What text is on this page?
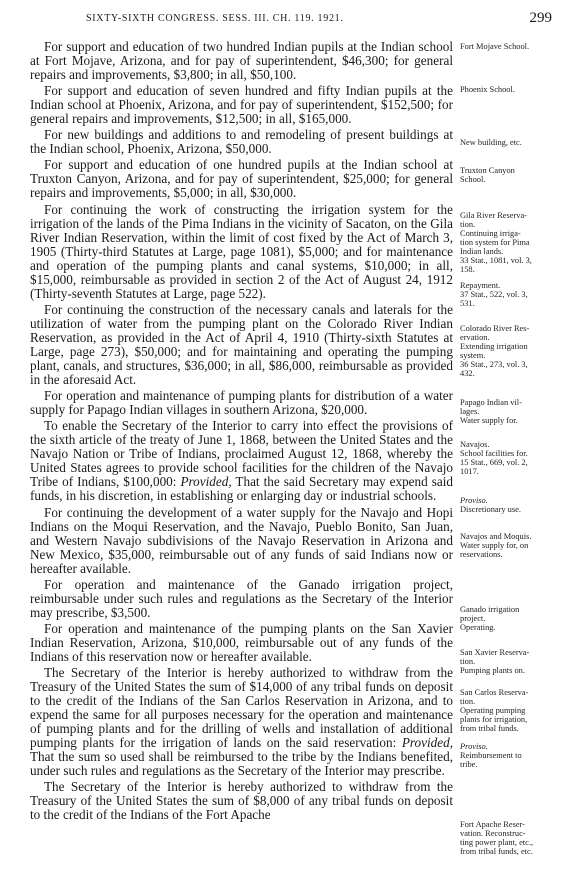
SIXTY-SIXTH CONGRESS. SESS. III. CH. 119. 1921.	299

For support and education of two hundred Indian pupils at the Indian school at Fort Mojave, Arizona, and for pay of superintendent, $46,300; for general repairs and improvements, $3,800; in all, $50,100.

For support and education of seven hundred and fifty Indian pupils at the Indian school at Phoenix, Arizona, and for pay of superintendent, $152,500; for general repairs and improvements, $12,500; in all, $165,000.

For new buildings and additions to and remodeling of present buildings at the Indian school, Phoenix, Arizona, $50,000.

For support and education of one hundred pupils at the Indian school at Truxton Canyon, Arizona, and for pay of superintendent, $25,000; for general repairs and improvements, $5,000; in all, $30,000.

For continuing the work of constructing the irrigation system for the irrigation of the lands of the Pima Indians in the vicinity of Sacaton, on the Gila River Indian Reservation, within the limit of cost fixed by the Act of March 3, 1905 (Thirty-third Statutes at Large, page 1081), $5,000; and for maintenance and operation of the pumping plants and canal systems, $10,000; in all, $15,000, reimbursable as provided in section 2 of the Act of August 24, 1912 (Thirty-seventh Statutes at Large, page 522).

For continuing the construction of the necessary canals and laterals for the utilization of water from the pumping plant on the Colorado River Indian Reservation, as provided in the Act of April 4, 1910 (Thirty-sixth Statutes at Large, page 273), $50,000; and for maintaining and operating the pumping plant, canals, and structures, $36,000; in all, $86,000, reimbursable as provided in the aforesaid Act.

For operation and maintenance of pumping plants for distribution of a water supply for Papago Indian villages in southern Arizona, $20,000.

To enable the Secretary of the Interior to carry into effect the provisions of the sixth article of the treaty of June 1, 1868, between the United States and the Navajo Nation or Tribe of Indians, proclaimed August 12, 1868, whereby the United States agrees to provide school facilities for the children of the Navajo Tribe of Indians, $100,000: Provided, That the said Secretary may expend said funds, in his discretion, in establishing or enlarging day or industrial schools.

For continuing the development of a water supply for the Navajo and Hopi Indians on the Moqui Reservation, and the Navajo, Pueblo Bonito, San Juan, and Western Navajo subdivisions of the Navajo Reservation in Arizona and New Mexico, $35,000, reimbursable out of any funds of said Indians now or hereafter available.

For operation and maintenance of the Ganado irrigation project, reimbursable under such rules and regulations as the Secretary of the Interior may prescribe, $3,500.

For operation and maintenance of the pumping plants on the San Xavier Indian Reservation, Arizona, $10,000, reimbursable out of any funds of the Indians of this reservation now or hereafter available.

The Secretary of the Interior is hereby authorized to withdraw from the Treasury of the United States the sum of $14,000 of any tribal funds on deposit to the credit of the Indians of the San Carlos Reservation in Arizona, and to expend the same for all purposes necessary for the operation and maintenance of pumping plants and for the drilling of wells and installation of additional pumping plants for the irrigation of lands on the said reservation: Provided, That the sum so used shall be reimbursed to the tribe by the Indians benefited, under such rules and regulations as the Secretary of the Interior may prescribe.

The Secretary of the Interior is hereby authorized to withdraw from the Treasury of the United States the sum of $8,000 of any tribal funds on deposit to the credit of the Indians of the Fort Apache

Fort Mojave School.
Phoenix School.
New building, etc.
Truxton Canyon
School.
Gila River Reserva-
tion.
Continuing irriga-
tion system for Pima
Indian lands.
33 Stat., 1081, vol. 3,
158.
Repayment.
37 Stat., 522, vol. 3,
531.
Colorado River Res-
ervation.
Extending irrigation
system.
36 Stat., 273, vol. 3,
432.
Papago Indian vil-
lages.
Water supply for.
Navajos.
School facilities for.
15 Stat., 669, vol. 2,
1017.
Proviso.
Discretionary use.
Navajos and Moquis.
Water supply for, on
reservations.
Ganado irrigation
project.
Operating.
San Xavier Reserva-
tion.
Pumping plants on.
San Carlos Reserva-
tion.
Operating pumping
plants for irrigation,
from tribal funds.
Proviso.
Reimbursement to
tribe.
Fort Apache Reser-
vation. Reconstruc-
ting power plant, etc.,
from tribal funds, etc.
